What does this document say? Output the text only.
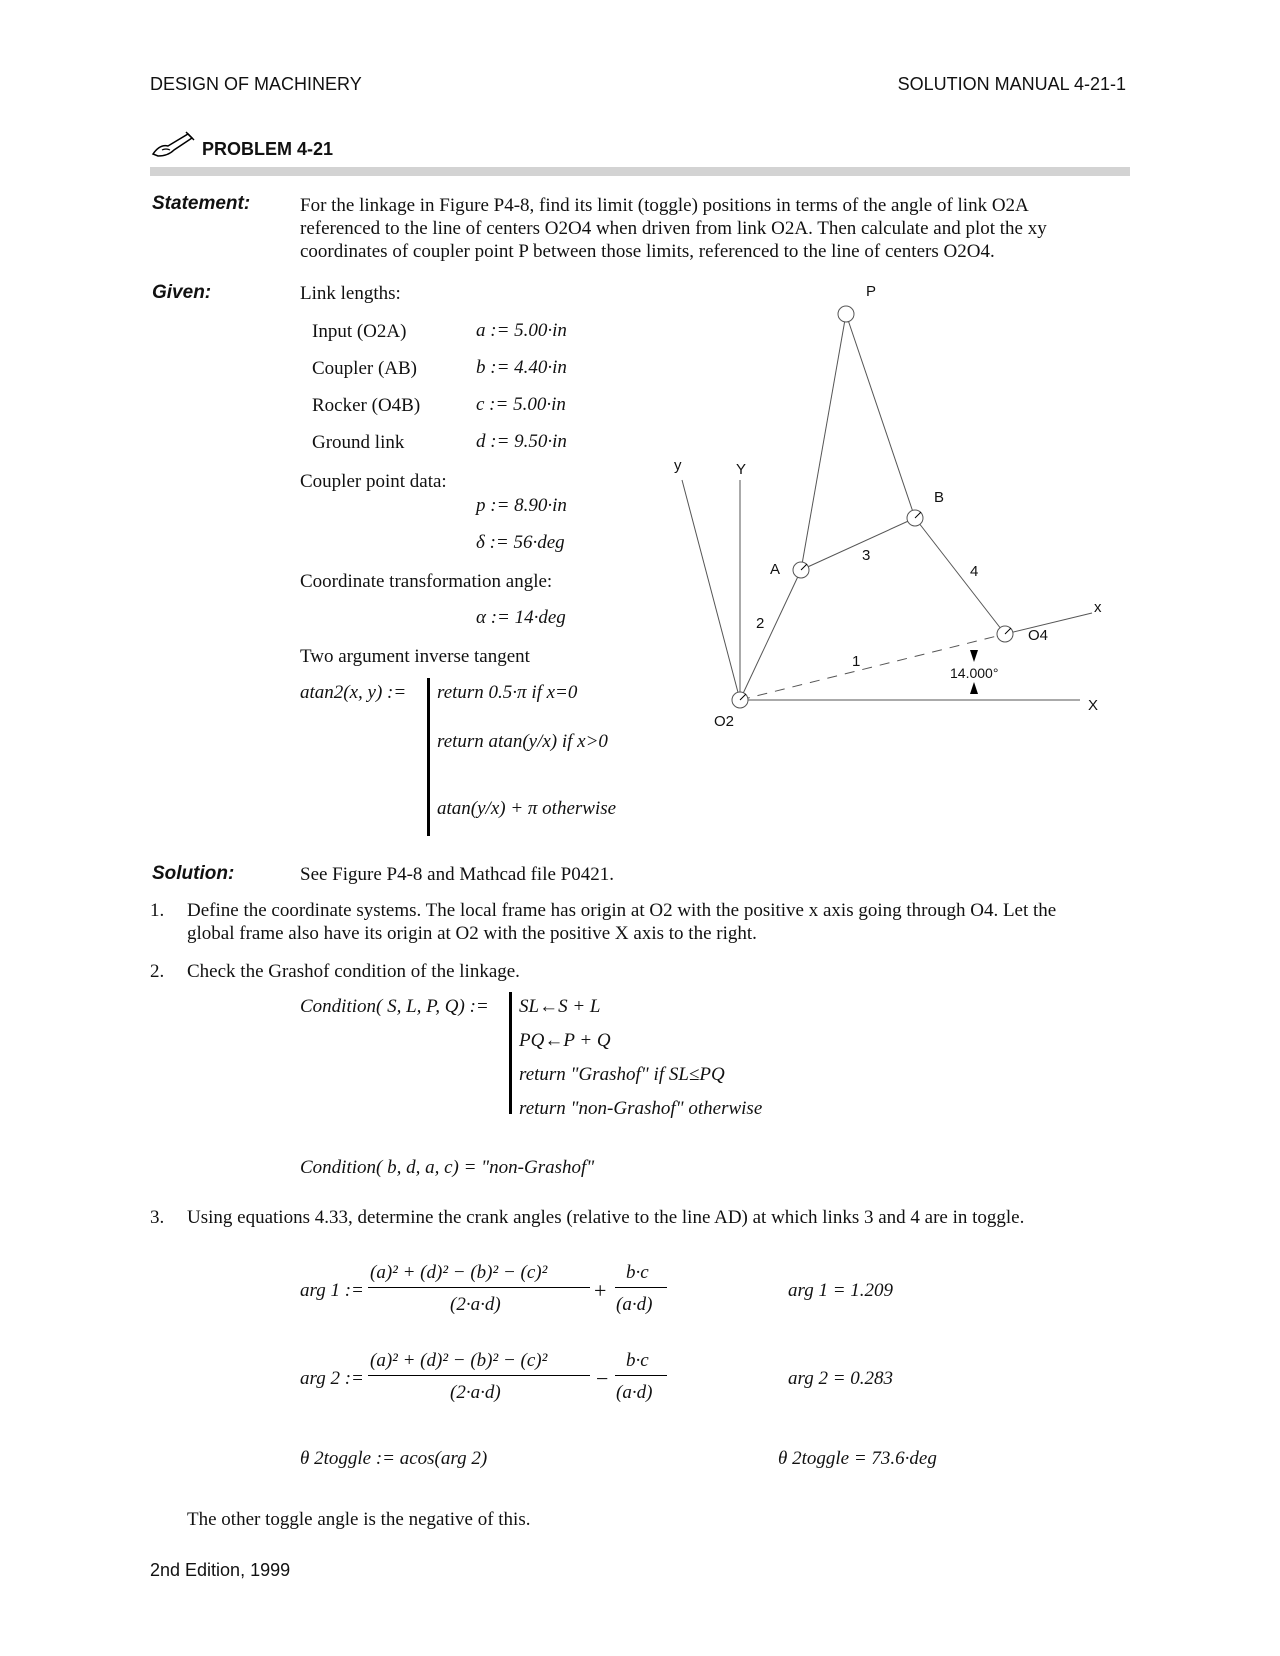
DESIGN OF MACHINERY	SOLUTION MANUAL 4-21-1
PROBLEM 4-21
Statement:	For the linkage in Figure P4-8, find its limit (toggle) positions in terms of the angle of link O2A
referenced to the line of centers O2O4 when driven from link O2A. Then calculate and plot the xy
coordinates of coupler point P between those limits, referenced to the line of centers O2O4.
Given:	Link lengths:
Input (O2A)	a := 5.00·in
Coupler (AB)	b := 4.40·in
Rocker (O4B)	c := 5.00·in
Ground link	d := 9.50·in
Coupler point data:
p := 8.90·in
δ := 56·deg
Coordinate transformation angle:
α := 14·deg
Two argument inverse tangent
atan2(x, y) := return 0.5·π if x=0
return atan(y/x) if x>0
atan(y/x) + π otherwise
P
B
A
O4
O2
x
X
y	Y
1
2
3
4
14.000°
Solution:	See Figure P4-8 and Mathcad file P0421.
1. Define the coordinate systems. The local frame has origin at O2 with the positive x axis going through O4. Let the
global frame also have its origin at O2 with the positive X axis to the right.
2. Check the Grashof condition of the linkage.
Condition( S, L, P, Q) := SL←S + L
PQ←P + Q
return "Grashof" if SL≤PQ
return "non-Grashof" otherwise
Condition( b, d, a, c) = "non-Grashof"
3. Using equations 4.33, determine the crank angles (relative to the line AD) at which links 3 and 4 are in toggle.
arg 1 :=
(a)² + (d)² − (b)² − (c)²
(2·a·d)
+
b·c
(a·d)
arg 1 = 1.209
arg 2 :=
(a)² + (d)² − (b)² − (c)²
(2·a·d)
−
b·c
(a·d)
arg 2 = 0.283
θ 2toggle := acos(arg 2)	θ 2toggle = 73.6·deg
The other toggle angle is the negative of this.
2nd Edition, 1999
